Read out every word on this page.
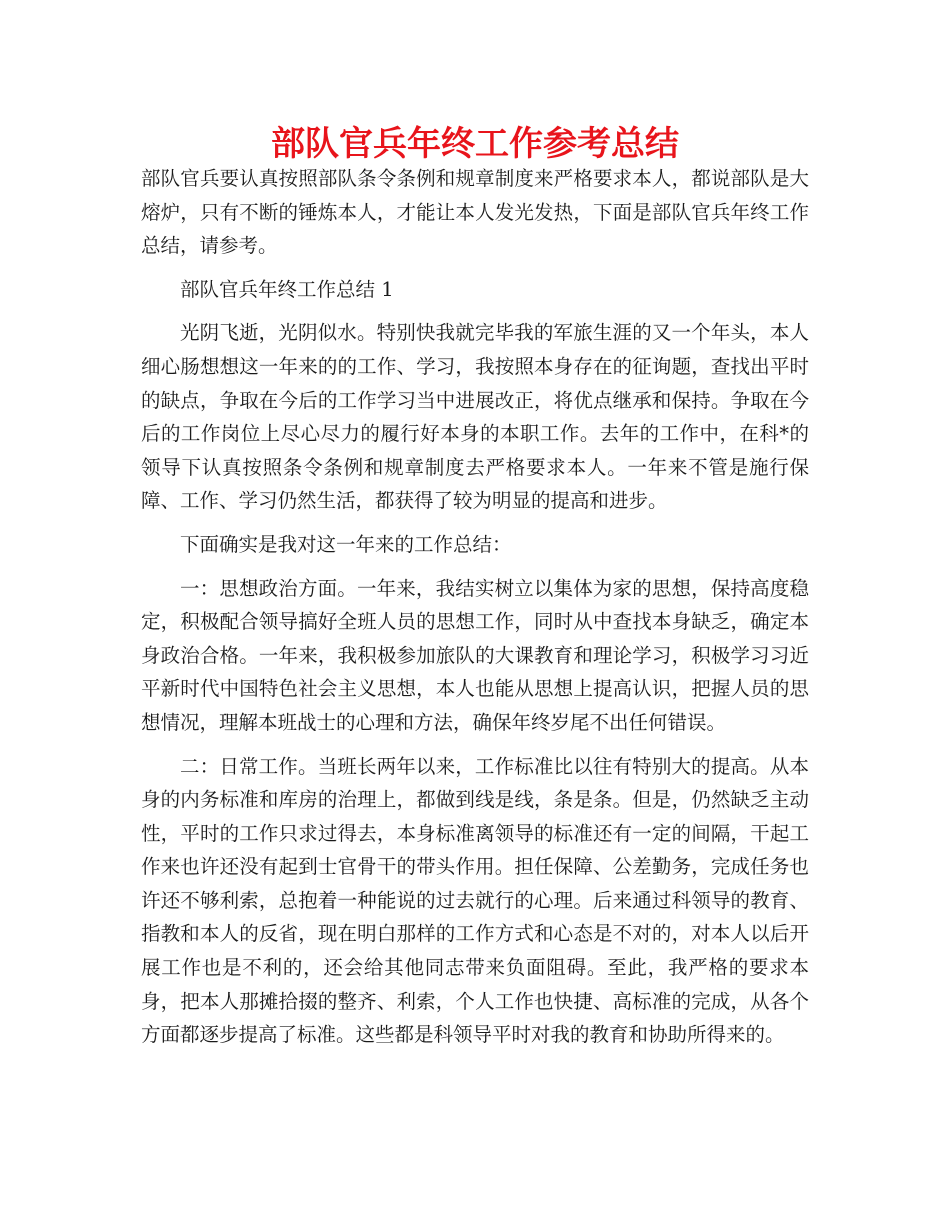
部队官兵年终工作参考总结

部队官兵要认真按照部队条令条例和规章制度来严格要求本人，都说部队是大熔炉，只有不断的锤炼本人，才能让本人发光发热，下面是部队官兵年终工作总结，请参考。

部队官兵年终工作总结 1

光阴飞逝，光阴似水。特别快我就完毕我的军旅生涯的又一个年头，本人细心肠想想这一年来的的工作、学习，我按照本身存在的征询题，查找出平时的缺点，争取在今后的工作学习当中进展改正，将优点继承和保持。争取在今后的工作岗位上尽心尽力的履行好本身的本职工作。去年的工作中，在科*的领导下认真按照条令条例和规章制度去严格要求本人。一年来不管是施行保障、工作、学习仍然生活，都获得了较为明显的提高和进步。

下面确实是我对这一年来的工作总结：

一：思想政治方面。一年来，我结实树立以集体为家的思想，保持高度稳定，积极配合领导搞好全班人员的思想工作，同时从中查找本身缺乏，确定本身政治合格。一年来，我积极参加旅队的大课教育和理论学习，积极学习习近平新时代中国特色社会主义思想，本人也能从思想上提高认识，把握人员的思想情况，理解本班战士的心理和方法，确保年终岁尾不出任何错误。

二：日常工作。当班长两年以来，工作标准比以往有特别大的提高。从本身的内务标准和库房的治理上，都做到线是线，条是条。但是，仍然缺乏主动性，平时的工作只求过得去，本身标准离领导的标准还有一定的间隔，干起工作来也许还没有起到士官骨干的带头作用。担任保障、公差勤务，完成任务也许还不够利索，总抱着一种能说的过去就行的心理。后来通过科领导的教育、指教和本人的反省，现在明白那样的工作方式和心态是不对的，对本人以后开展工作也是不利的，还会给其他同志带来负面阻碍。至此，我严格的要求本身，把本人那摊拾掇的整齐、利索，个人工作也快捷、高标准的完成，从各个方面都逐步提高了标准。这些都是科领导平时对我的教育和协助所得来的。
